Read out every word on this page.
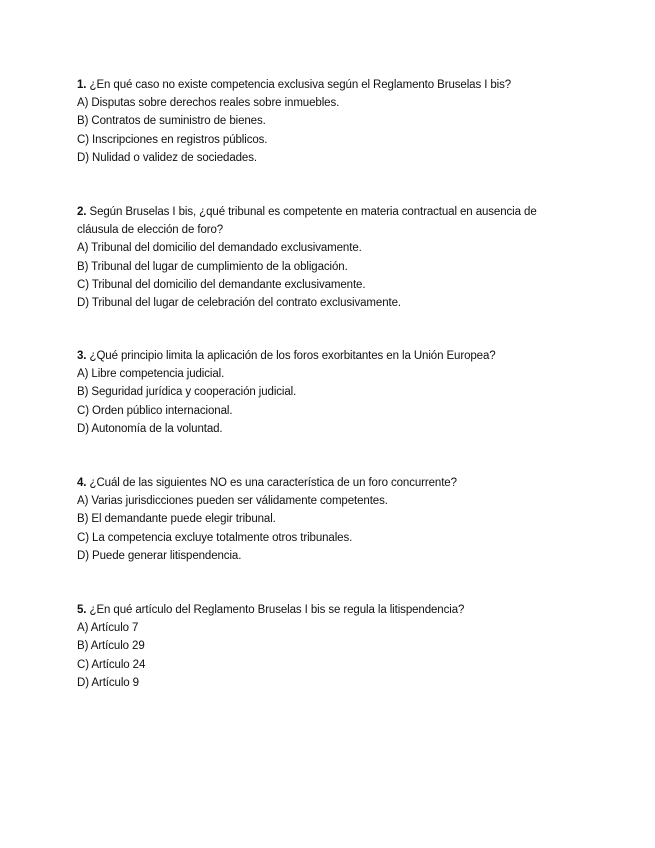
1. ¿En qué caso no existe competencia exclusiva según el Reglamento Bruselas I bis?

A) Disputas sobre derechos reales sobre inmuebles.

B) Contratos de suministro de bienes.

C) Inscripciones en registros públicos.

D) Nulidad o validez de sociedades.

2. Según Bruselas I bis, ¿qué tribunal es competente en materia contractual en ausencia de cláusula de elección de foro?

A) Tribunal del domicilio del demandado exclusivamente.

B) Tribunal del lugar de cumplimiento de la obligación.

C) Tribunal del domicilio del demandante exclusivamente.

D) Tribunal del lugar de celebración del contrato exclusivamente.

3. ¿Qué principio limita la aplicación de los foros exorbitantes en la Unión Europea?

A) Libre competencia judicial.

B) Seguridad jurídica y cooperación judicial.

C) Orden público internacional.

D) Autonomía de la voluntad.

4. ¿Cuál de las siguientes NO es una característica de un foro concurrente?

A) Varias jurisdicciones pueden ser válidamente competentes.

B) El demandante puede elegir tribunal.

C) La competencia excluye totalmente otros tribunales.

D) Puede generar litispendencia.

5. ¿En qué artículo del Reglamento Bruselas I bis se regula la litispendencia?

A) Artículo 7

B) Artículo 29

C) Artículo 24

D) Artículo 9
